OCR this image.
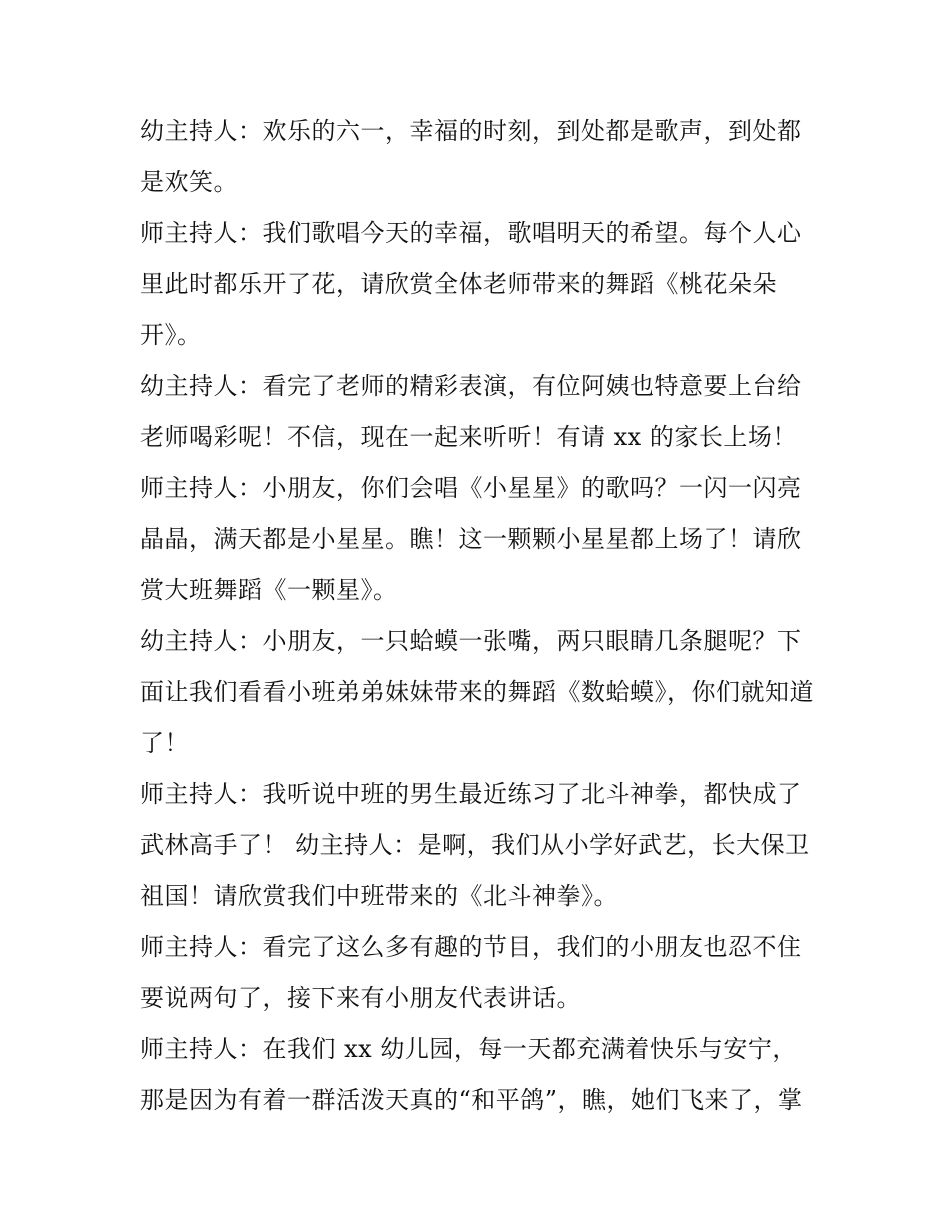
幼主持人：欢乐的六一，幸福的时刻，到处都是歌声，到处都是欢笑。

师主持人：我们歌唱今天的幸福，歌唱明天的希望。每个人心里此时都乐开了花，请欣赏全体老师带来的舞蹈《桃花朵朵开》。

幼主持人：看完了老师的精彩表演，有位阿姨也特意要上台给老师喝彩呢！不信，现在一起来听听！有请 xx 的家长上场！

师主持人：小朋友，你们会唱《小星星》的歌吗？一闪一闪亮晶晶，满天都是小星星。瞧！这一颗颗小星星都上场了！请欣赏大班舞蹈《一颗星》。

幼主持人：小朋友，一只蛤蟆一张嘴，两只眼睛几条腿呢？下面让我们看看小班弟弟妹妹带来的舞蹈《数蛤蟆》，你们就知道了！

师主持人：我听说中班的男生最近练习了北斗神拳，都快成了武林高手了！ 幼主持人：是啊，我们从小学好武艺，长大保卫祖国！请欣赏我们中班带来的《北斗神拳》。

师主持人：看完了这么多有趣的节目，我们的小朋友也忍不住要说两句了，接下来有小朋友代表讲话。

师主持人：在我们 xx 幼儿园，每一天都充满着快乐与安宁，那是因为有着一群活泼天真的“和平鸽”，瞧，她们飞来了，掌
